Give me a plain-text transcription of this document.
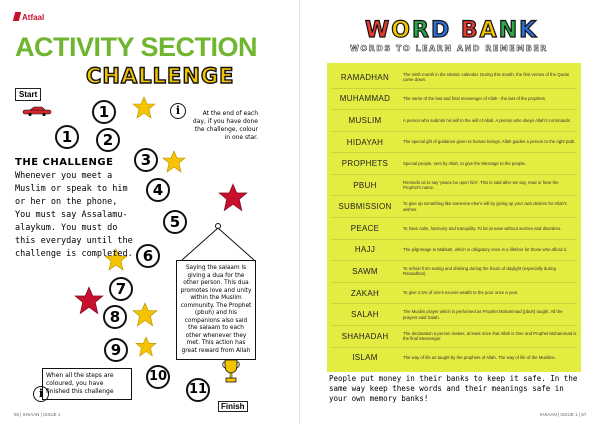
Atfaal
ACTIVITY SECTION
CHALLENGE
Start
1
1	2
3
4
5
6
7
8
9
10
11
i
i
At the end of each day, if you have done the challenge, colour in one star.
THE CHALLENGE
Whenever you meet a Muslim or speak to him or her on the phone, You must say Assalamu-alaykum. You must do this everyday until the challenge is completed.
Saying the salaam is giving a dua for the other person. This dua promotes love and unity within the Muslim community. The Prophet (pbuh) and his companions also said the salaam to each other whenever they met. This action has great reward from Allah
When all the steps are coloured, you have finished this challenge
Finish
56 | IHSAAN | ISSUE 1
WORD BANK
WORDS TO LEARN AND REMEMBER
RAMADHAN	The ninth month in the Islamic calendar. During this month, the first verses of the Quran came down.
MUHAMMAD	The name of the last and final messenger of Allah - the last of the prophets.
MUSLIM	A person who submits his will to the will of Allah. A person who obeys Allah's commands.
HIDAYAH	The special gift of guidance given to human beings. Allah guides a person to the right path.
PROPHETS	Special people, sent by Allah, to give the Message to the people.
PBUH	Reminds us to say 'peace be upon him'. This is said after we say, read or hear the Prophet's name.
SUBMISSION	To give up something like someone else's will by giving up your own desires for Allah's wishes.
PEACE	To have calm, harmony and tranquility. To be at ease without worries and disorders.
HAJJ	The pilgrimage to Makkah, which is obligatory once in a lifetime for those who afford it.
SAWM	To refrain from eating and drinking during the hours of daylight (especially during Ramadhan).
ZAKAH	To give 2.5% of one's excess wealth to the poor once a year.
SALAH	The Muslim prayer which is performed as Prophet Muhammad (pbuh) taught. All the prayers said Salah.
SHAHADAH	The declaration a person makes, at least once that Allah is One and Prophet Muhammad is the final Messenger.
ISLAM	The way of life as taught by the prophets of Allah. The way of life of the Muslims.
People put money in their banks to keep it safe. In the same way keep these words and their meanings safe in your own memory banks!
IHSAAN | ISSUE 1 | 57
